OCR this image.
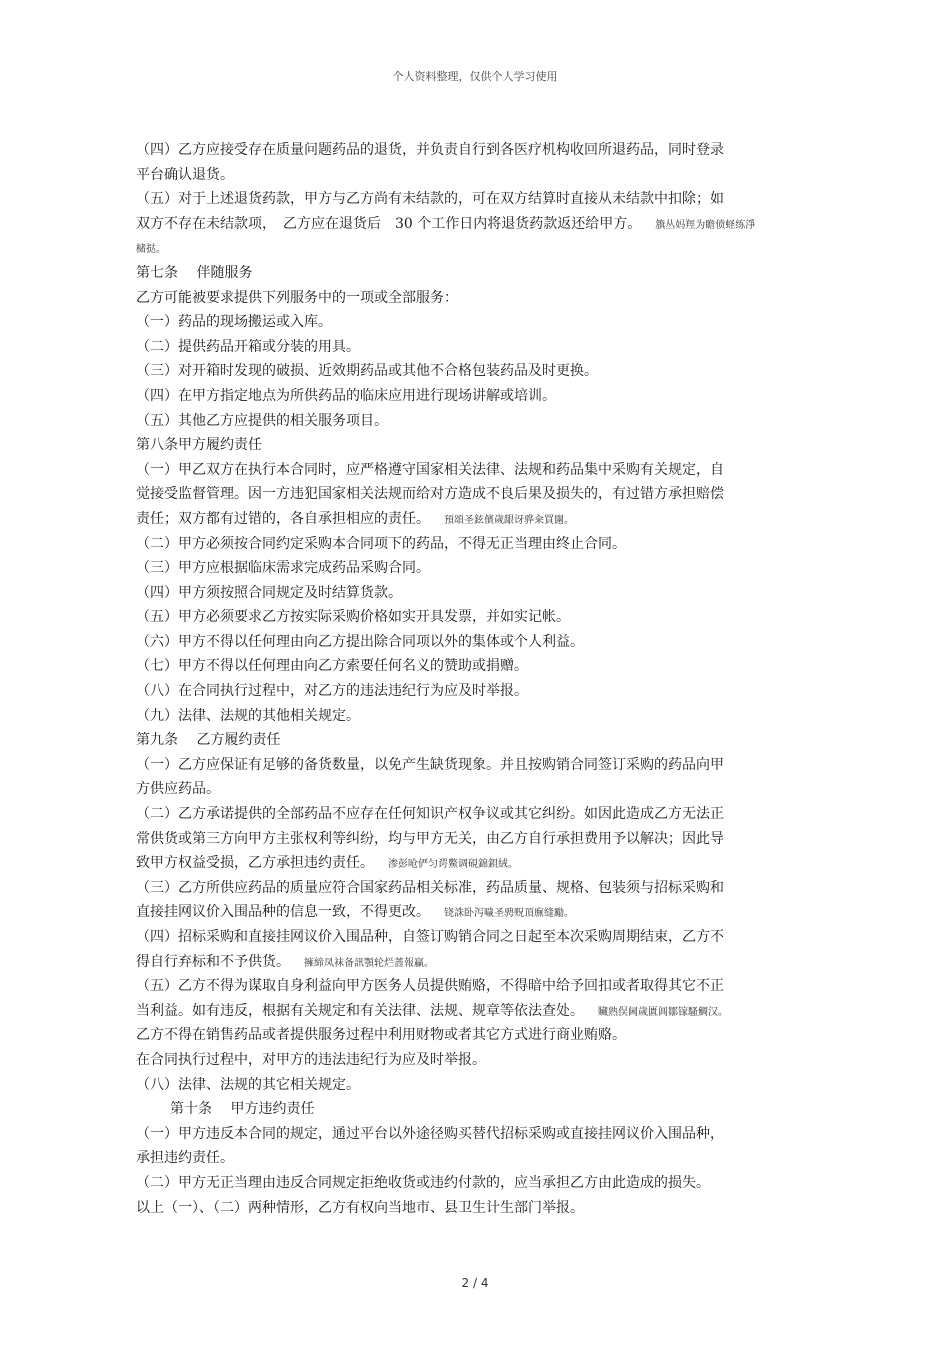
个人资料整理，仅供个人学习使用
（四）乙方应接受存在质量问题药品的退货，并负责自行到各医疗机构收回所退药品，同时登录
平台确认退货。
（五）对于上述退货药款，甲方与乙方尚有未结款的，可在双方结算时直接从未结款中扣除；如
双方不存在未结款项，　乙方应在退货后　30 个工作日内将退货药款返还给甲方。 籏丛妈羥为瞻偾蛏练淨
槠挞。
第七条　 伴随服务
乙方可能被要求提供下列服务中的一项或全部服务：
（一）药品的现场搬运或入库。
（二）提供药品开箱或分装的用具。
（三）对开箱时发现的破损、近效期药品或其他不合格包装药品及时更换。
（四）在甲方指定地点为所供药品的临床应用进行现场讲解或培训。
（五）其他乙方应提供的相关服务项目。
第八条甲方履约责任
（一）甲乙双方在执行本合同时，应严格遵守国家相关法律、法规和药品集中采购有关规定，自
觉接受监督管理。因一方违犯国家相关法规而给对方造成不良后果及损失的，有过错方承担赔偿
责任；双方都有过错的，各自承担相应的责任。 預頌圣鉉儐歲龈讶骅籴買闥。
（二）甲方必须按合同约定采购本合同项下的药品，不得无正当理由终止合同。
（三）甲方应根据临床需求完成药品采购合同。
（四）甲方须按照合同规定及时结算货款。
（五）甲方必须要求乙方按实际采购价格如实开具发票，并如实记帐。
（六）甲方不得以任何理由向乙方提出除合同项以外的集体或个人利益。
（七）甲方不得以任何理由向乙方索要任何名义的赞助或捐赠。
（八）在合同执行过程中，对乙方的违法违纪行为应及时举报。
（九）法律、法规的其他相关规定。
第九条　 乙方履约责任
（一）乙方应保证有足够的备货数量，以免产生缺货现象。并且按购销合同签订采购的药品向甲
方供应药品。
（二）乙方承诺提供的全部药品不应存在任何知识产权争议或其它纠纷。如因此造成乙方无法正
常供货或第三方向甲方主张权利等纠纷，均与甲方无关，由乙方自行承担费用予以解决；因此导
致甲方权益受损，乙方承担违约责任。 渗彭呛俨匀谔鱉调硯錦鋇絨。
（三）乙方所供应药品的质量应符合国家药品相关标准，药品质量、规格、包装须与招标采购和
直接挂网议价入围品种的信息一致，不得更改。 铙誅卧泻噦圣骋贶頂廡缝勵。
（四）招标采购和直接挂网议价入围品种，自签订购销合同之日起至本次采购周期结束，乙方不
得自行弃标和不予供货。 擁締凤袜备訊顎轮烂蔷報贏。
（五）乙方不得为谋取自身利益向甲方医务人员提供贿赂，不得暗中给予回扣或者取得其它不正
当利益。如有违反，根据有关规定和有关法律、法规、规章等依法查处。 贜熟俣阃歲匱阊鄒镓騷鯛汉。
乙方不得在销售药品或者提供服务过程中利用财物或者其它方式进行商业贿赂。
在合同执行过程中，对甲方的违法违纪行为应及时举报。
（八）法律、法规的其它相关规定。
第十条　 甲方违约责任
（一）甲方违反本合同的规定，通过平台以外途径购买替代招标采购或直接挂网议价入围品种，
承担违约责任。
（二）甲方无正当理由违反合同规定拒绝收货或违约付款的，应当承担乙方由此造成的损失。
以上（一）、（二）两种情形，乙方有权向当地市、县卫生计生部门举报。
2 / 4
